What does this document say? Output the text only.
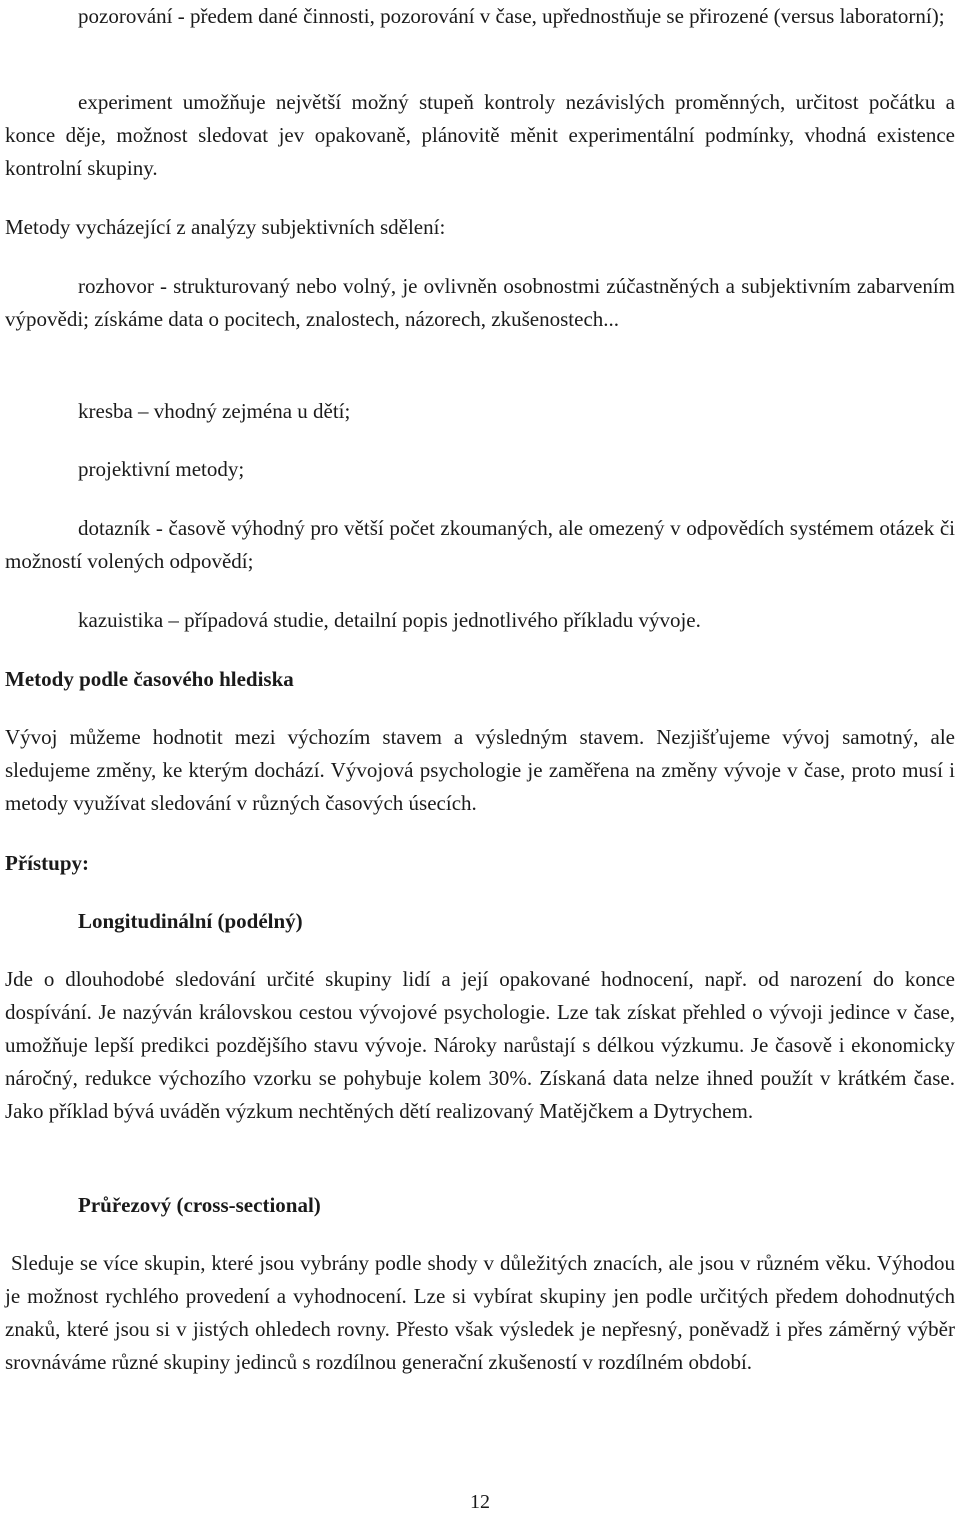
pozorování - předem dané činnosti, pozorování v čase, upřednostňuje se přirozené (versus laboratorní);

experiment umožňuje největší možný stupeň kontroly nezávislých proměnných, určitost počátku a konce děje, možnost sledovat jev opakovaně, plánovitě měnit experimentální podmínky, vhodná existence kontrolní skupiny.

Metody vycházející z analýzy subjektivních sdělení:

rozhovor - strukturovaný nebo volný, je ovlivněn osobnostmi zúčastněných a subjektivním zabarvením výpovědi; získáme data o pocitech, znalostech, názorech, zkušenostech...

kresba – vhodný zejména u dětí;

projektivní metody;

dotazník - časově výhodný pro větší počet zkoumaných, ale omezený v odpovědích systémem otázek či možností volených odpovědí;

kazuistika – případová studie, detailní popis jednotlivého příkladu vývoje.

Metody podle časového hlediska

Vývoj můžeme hodnotit mezi výchozím stavem a výsledným stavem. Nezjišťujeme vývoj samotný, ale sledujeme změny, ke kterým dochází. Vývojová psychologie je zaměřena na změny vývoje v čase, proto musí i metody využívat sledování v různých časových úsecích.

Přístupy:

Longitudinální (podélný)

Jde o dlouhodobé sledování určité skupiny lidí a její opakované hodnocení, např. od narození do konce dospívání. Je nazýván královskou cestou vývojové psychologie. Lze tak získat přehled o vývoji jedince v čase, umožňuje lepší predikci pozdějšího stavu vývoje. Nároky narůstají s délkou výzkumu. Je časově i ekonomicky náročný, redukce výchozího vzorku se pohybuje kolem 30%. Získaná data nelze ihned použít v krátkém čase. Jako příklad bývá uváděn výzkum nechtěných dětí realizovaný Matějčkem a Dytrychem.

Průřezový (cross-sectional)

Sleduje se více skupin, které jsou vybrány podle shody v důležitých znacích, ale jsou v různém věku. Výhodou je možnost rychlého provedení a vyhodnocení. Lze si vybírat skupiny jen podle určitých předem dohodnutých znaků, které jsou si v jistých ohledech rovny. Přesto však výsledek je nepřesný, poněvadž i přes záměrný výběr srovnáváme různé skupiny jedinců s rozdílnou generační zkušeností v rozdílném období.

12
